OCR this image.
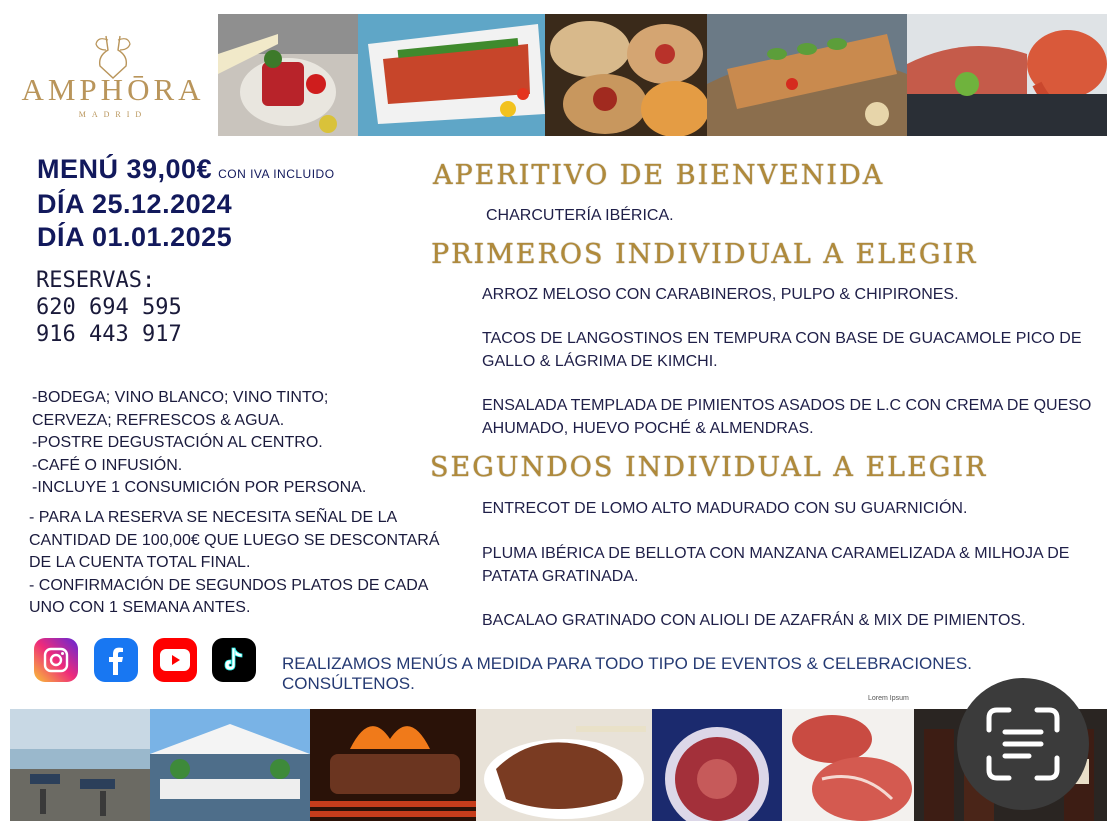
AMPHŌRA
MADRID
MENÚ 39,00€ CON IVA INCLUIDO
DÍA 25.12.2024
DÍA 01.01.2025
RESERVAS:
620 694 595
916 443 917
-BODEGA; VINO BLANCO; VINO TINTO;
CERVEZA; REFRESCOS & AGUA.
-POSTRE DEGUSTACIÓN AL CENTRO.
-CAFÉ O INFUSIÓN.
-INCLUYE 1 CONSUMICIÓN POR PERSONA.
- PARA LA RESERVA SE NECESITA SEÑAL DE LA
CANTIDAD DE 100,00€ QUE LUEGO SE DESCONTARÁ
DE LA CUENTA TOTAL FINAL.
- CONFIRMACIÓN DE SEGUNDOS PLATOS DE CADA
UNO CON 1 SEMANA ANTES.
APERITIVO DE BIENVENIDA
CHARCUTERÍA IBÉRICA.
PRIMEROS INDIVIDUAL A ELEGIR
ARROZ MELOSO CON CARABINEROS, PULPO & CHIPIRONES.
TACOS DE LANGOSTINOS EN TEMPURA CON BASE DE GUACAMOLE PICO DE GALLO & LÁGRIMA DE KIMCHI.
ENSALADA TEMPLADA DE PIMIENTOS ASADOS DE L.C CON CREMA DE QUESO AHUMADO, HUEVO POCHÉ & ALMENDRAS.
SEGUNDOS INDIVIDUAL A ELEGIR
ENTRECOT DE LOMO ALTO MADURADO CON SU GUARNICIÓN.
PLUMA IBÉRICA DE BELLOTA CON MANZANA CARAMELIZADA & MILHOJA DE PATATA GRATINADA.
BACALAO GRATINADO CON ALIOLI DE AZAFRÁN & MIX DE PIMIENTOS.
REALIZAMOS MENÚS A MEDIDA PARA TODO TIPO DE EVENTOS & CELEBRACIONES. CONSÚLTENOS.
Lorem Ipsum
